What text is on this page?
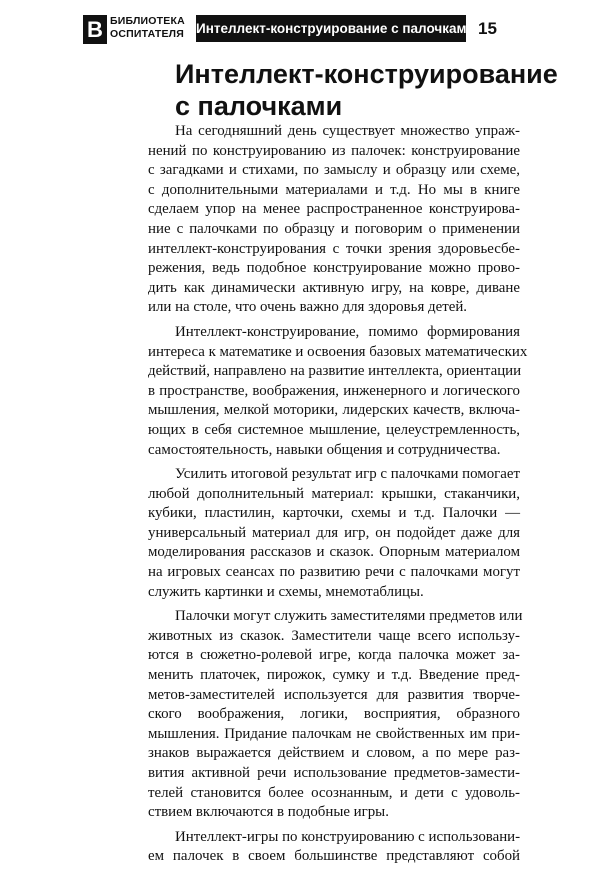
В БИБЛИОТЕКА
ОСПИТАТЕЛЯ Интеллект-конструирование с палочками 15
Интеллект-конструирование
с палочками

На сегодняшний день существует множество упраж-
нений по конструированию из палочек: конструирование
с загадками и стихами, по замыслу и образцу или схеме,
с дополнительными материалами и т.д. Но мы в книге
сделаем упор на менее распространенное конструирова-
ние с палочками по образцу и поговорим о применении
интеллект-конструирования с точки зрения здоровьесбе-
режения, ведь подобное конструирование можно прово-
дить как динамически активную игру, на ковре, диване
или на столе, что очень важно для здоровья детей.

Интеллект-конструирование, помимо формирования
интереса к математике и освоения базовых математических
действий, направлено на развитие интеллекта, ориентации
в пространстве, воображения, инженерного и логического
мышления, мелкой моторики, лидерских качеств, включа-
ющих в себя системное мышление, целеустремленность,
самостоятельность, навыки общения и сотрудничества.

Усилить итоговой результат игр с палочками помогает
любой дополнительный материал: крышки, стаканчики,
кубики, пластилин, карточки, схемы и т.д. Палочки —
универсальный материал для игр, он подойдет даже для
моделирования рассказов и сказок. Опорным материалом
на игровых сеансах по развитию речи с палочками могут
служить картинки и схемы, мнемотаблицы.

Палочки могут служить заместителями предметов или
животных из сказок. Заместители чаще всего использу-
ются в сюжетно-ролевой игре, когда палочка может за-
менить платочек, пирожок, сумку и т.д. Введение пред-
метов-заместителей используется для развития творче-
ского воображения, логики, восприятия, образного
мышления. Придание палочкам не свойственных им при-
знаков выражается действием и словом, а по мере раз-
вития активной речи использование предметов-замести-
телей становится более осознанным, и дети с удоволь-
ствием включаются в подобные игры.

Интеллект-игры по конструированию с использовани-
ем палочек в своем большинстве представляют собой
